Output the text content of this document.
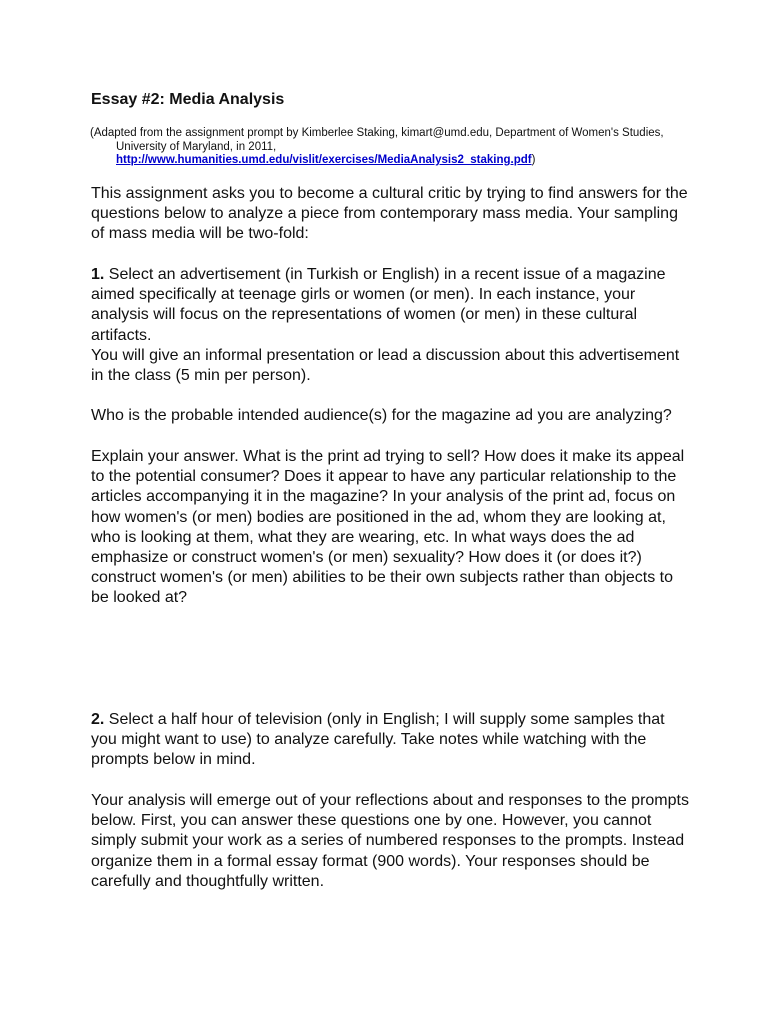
Essay #2: Media Analysis
(Adapted from the assignment prompt by Kimberlee Staking, kimart@umd.edu, Department of Women's Studies,
University of Maryland, in 2011,
http://www.humanities.umd.edu/vislit/exercises/MediaAnalysis2_staking.pdf)

This assignment asks you to become a cultural critic by trying to find answers for the questions below to analyze a piece from contemporary mass media. Your sampling of mass media will be two-fold:

1. Select an advertisement (in Turkish or English) in a recent issue of a magazine aimed specifically at teenage girls or women (or men). In each instance, your analysis will focus on the representations of women (or men) in these cultural artifacts.

You will give an informal presentation or lead a discussion about this advertisement in the class (5 min per person).

Who is the probable intended audience(s) for the magazine ad you are analyzing?

Explain your answer. What is the print ad trying to sell? How does it make its appeal to the potential consumer? Does it appear to have any particular relationship to the articles accompanying it in the magazine? In your analysis of the print ad, focus on how women's (or men) bodies are positioned in the ad, whom they are looking at, who is looking at them, what they are wearing, etc. In what ways does the ad emphasize or construct women's (or men) sexuality? How does it (or does it?) construct women's (or men) abilities to be their own subjects rather than objects to be looked at?

2. Select a half hour of television (only in English; I will supply some samples that you might want to use) to analyze carefully. Take notes while watching with the prompts below in mind.

Your analysis will emerge out of your reflections about and responses to the prompts below. First, you can answer these questions one by one. However, you cannot simply submit your work as a series of numbered responses to the prompts. Instead organize them in a formal essay format (900 words). Your responses should be carefully and thoughtfully written.
